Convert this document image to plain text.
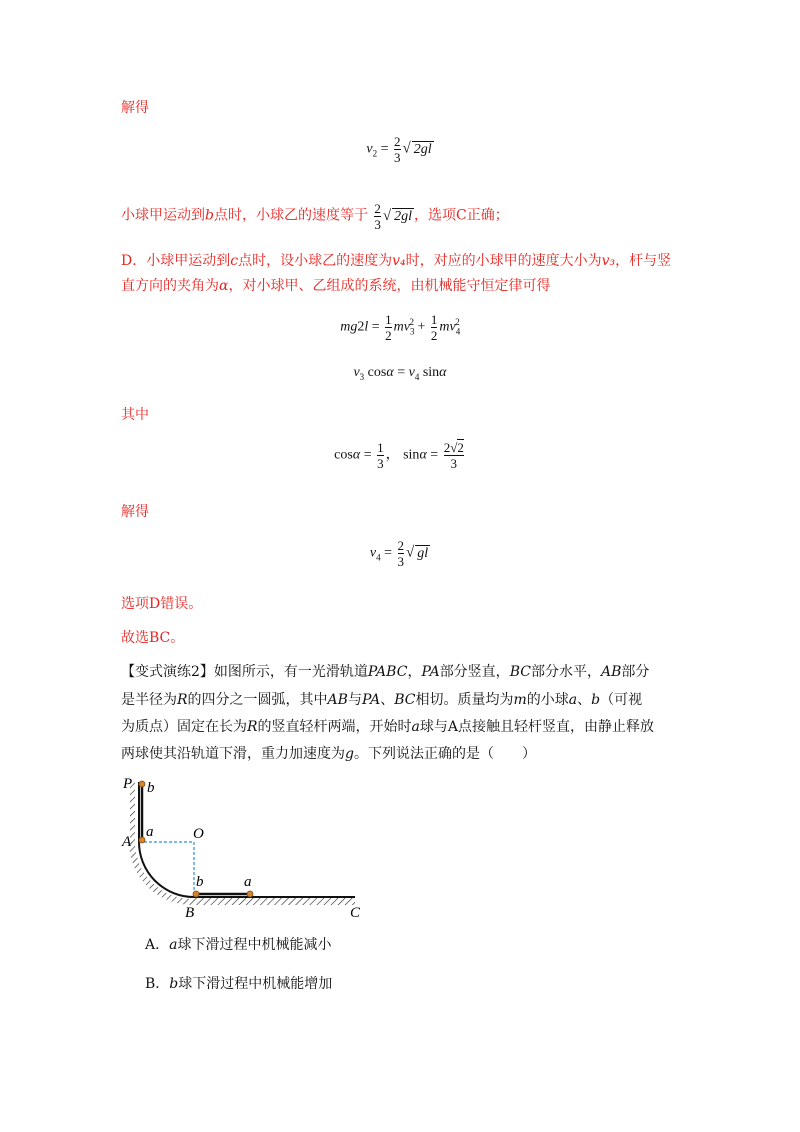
解得
$v_2 = \frac{2}{3}$ √ 2gl
小球甲运动到b点时，小球乙的速度等于 $\frac{2}{3}$ √ 2gl ，选项C正确；
D．小球甲运动到c点时，设小球乙的速度为v₄时，对应的小球甲的速度大小为v₃，杆与竖
直方向的夹角为α，对小球甲、乙组成的系统，由机械能守恒定律可得
$mg2l = \frac{1}{2} mv_3^2 + \frac{1}{2} mv_4^2$
$v_3$ $\cos\alpha = v_4$ sinα
其中
$\cos\alpha = \frac{1}{3}$ ， $\sin\alpha = \frac{2√2}{3}$
解得
$v_4 = \frac{2}{3}$ √ gl
选项D错误。
故选BC。
【变式演练2】如图所示，有一光滑轨道PABC，PA部分竖直，BC部分水平，AB部分
是半径为R的四分之一圆弧，其中AB与PA、BC相切。质量均为m的小球a、b（可视
为质点）固定在长为R的竖直轻杆两端，开始时a球与A点接触且轻杆竖直，由静止释放
两球使其沿轨道下滑，重力加速度为g。下列说法正确的是（　　）
P b
A
a	O
b	a
B	C
A．a球下滑过程中机械能减小
B．b球下滑过程中机械能增加
